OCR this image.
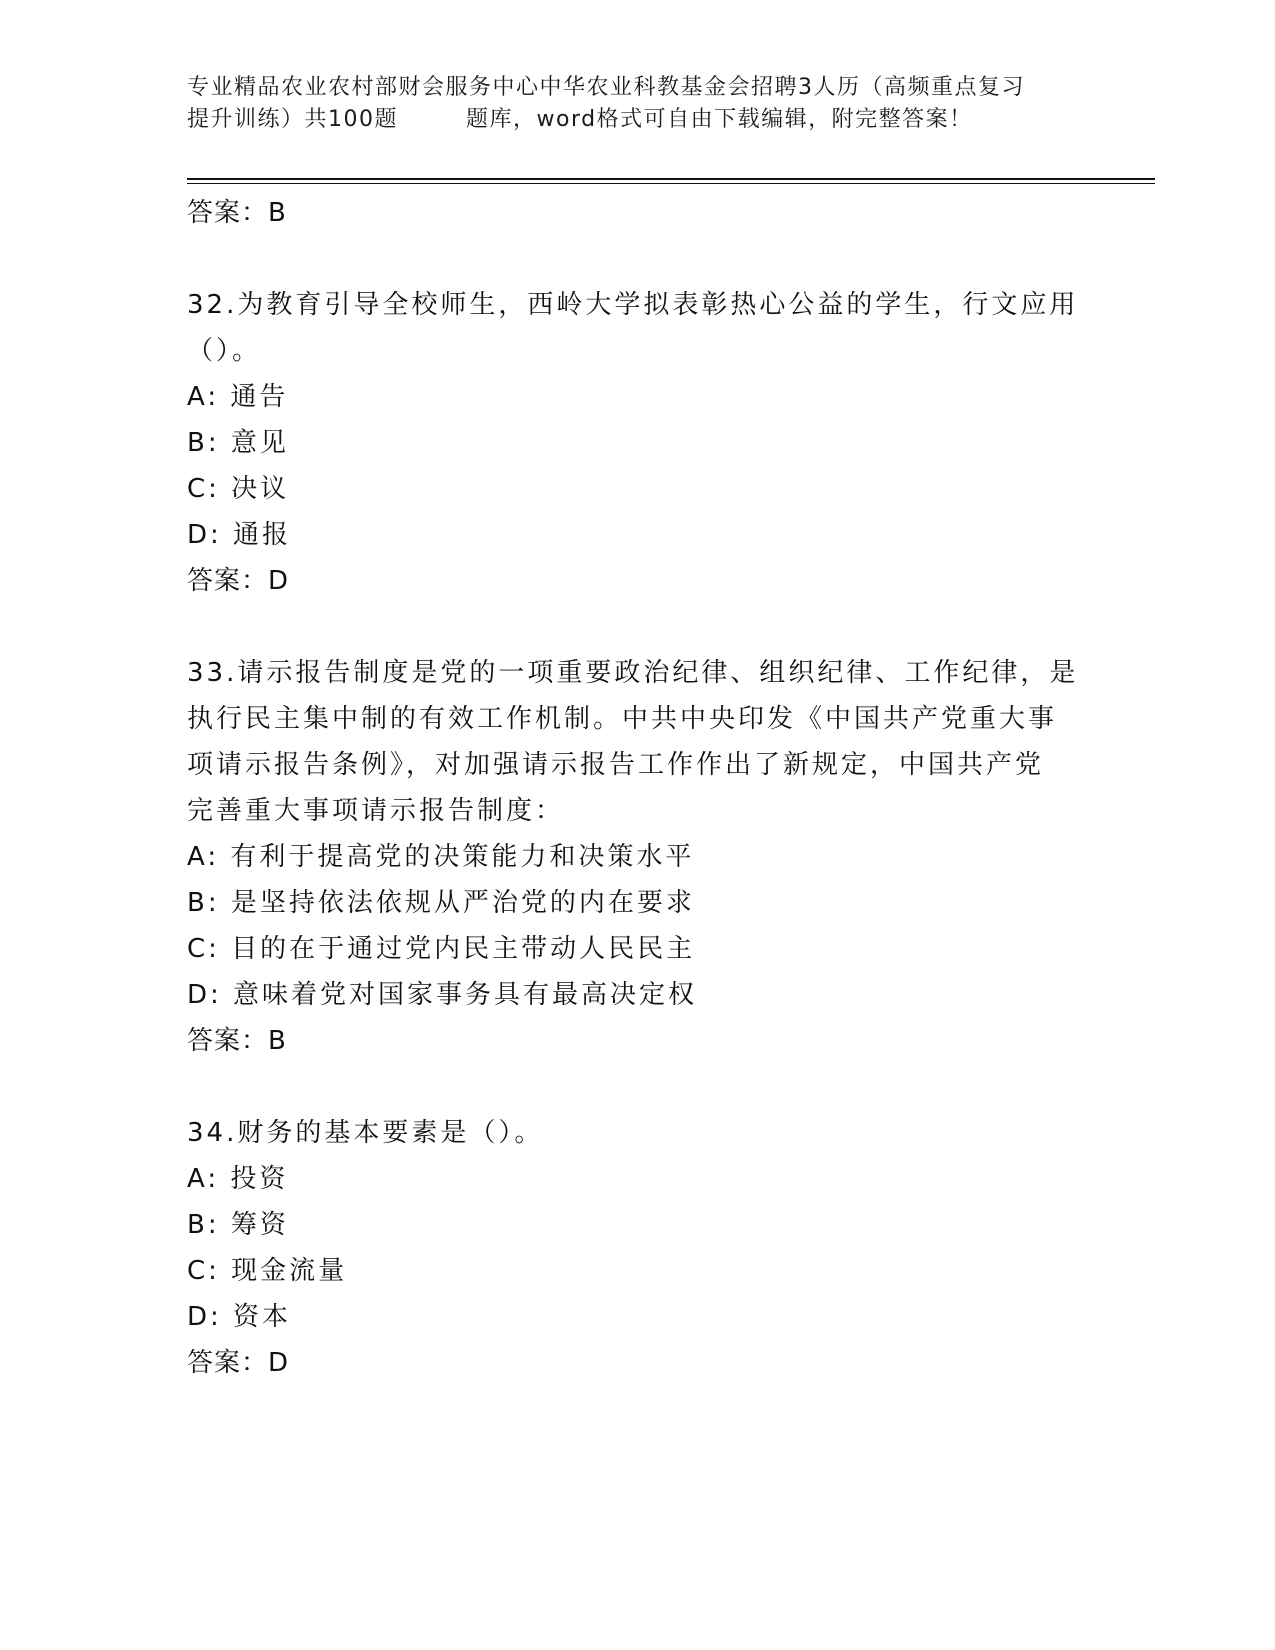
专业精品农业农村部财会服务中心中华农业科教基金会招聘3人历（高频重点复习
提升训练）共100题	题库，word格式可自由下载编辑，附完整答案！
答案：B
32.为教育引导全校师生，西岭大学拟表彰热心公益的学生，行文应用
（）。
A: 通告
B: 意见
C: 决议
D: 通报
答案：D
33.请示报告制度是党的一项重要政治纪律、组织纪律、工作纪律，是
执行民主集中制的有效工作机制。中共中央印发《中国共产党重大事
项请示报告条例》，对加强请示报告工作作出了新规定，中国共产党
完善重大事项请示报告制度：
A: 有利于提高党的决策能力和决策水平
B: 是坚持依法依规从严治党的内在要求
C: 目的在于通过党内民主带动人民民主
D: 意味着党对国家事务具有最高决定权
答案：B
34.财务的基本要素是（）。
A: 投资
B: 筹资
C: 现金流量
D: 资本
答案：D
